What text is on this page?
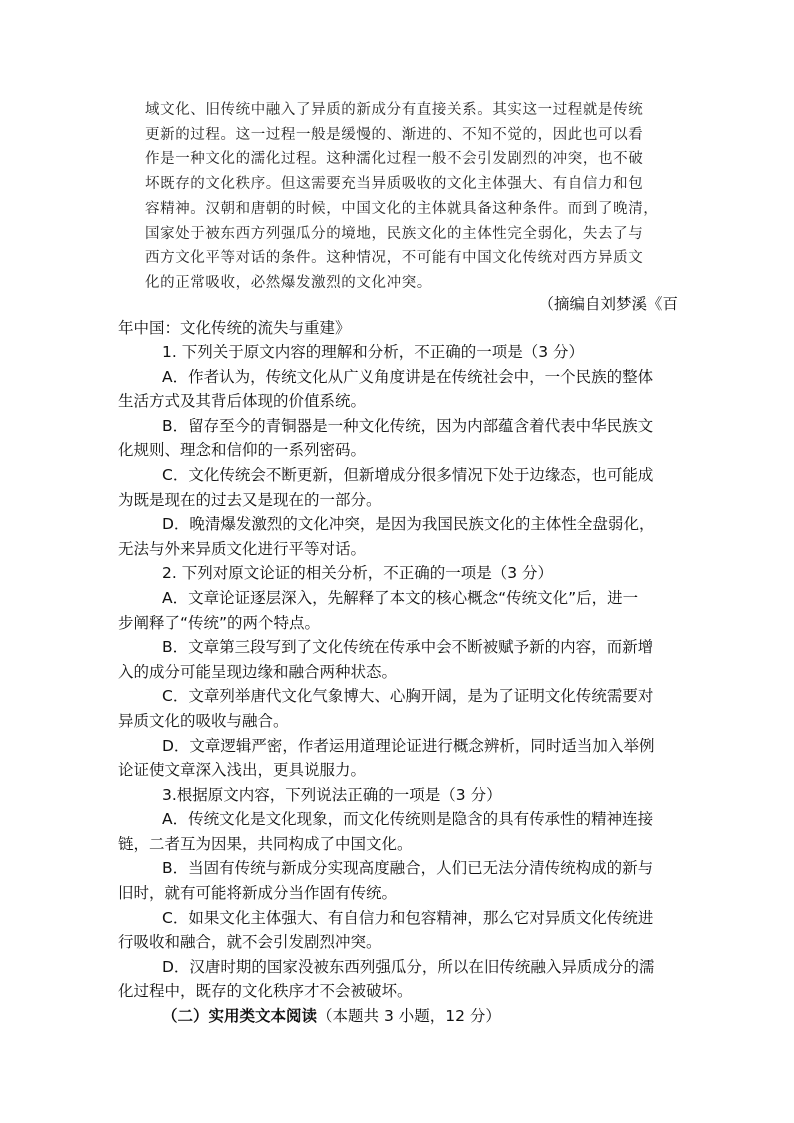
域文化、旧传统中融入了异质的新成分有直接关系。其实这一过程就是传统
更新的过程。这一过程一般是缓慢的、渐进的、不知不觉的，因此也可以看
作是一种文化的濡化过程。这种濡化过程一般不会引发剧烈的冲突，也不破
坏既存的文化秩序。但这需要充当异质吸收的文化主体强大、有自信力和包
容精神。汉朝和唐朝的时候，中国文化的主体就具备这种条件。而到了晚清，
国家处于被东西方列强瓜分的境地，民族文化的主体性完全弱化，失去了与
西方文化平等对话的条件。这种情况，不可能有中国文化传统对西方异质文
化的正常吸收，必然爆发激烈的文化冲突。
（摘编自刘梦溪《百
年中国：文化传统的流失与重建》
1. 下列关于原文内容的理解和分析，不正确的一项是（3 分）
A．作者认为，传统文化从广义角度讲是在传统社会中，一个民族的整体
生活方式及其背后体现的价值系统。
B．留存至今的青铜器是一种文化传统，因为内部蕴含着代表中华民族文
化规则、理念和信仰的一系列密码。
C．文化传统会不断更新，但新增成分很多情况下处于边缘态，也可能成
为既是现在的过去又是现在的一部分。
D．晚清爆发激烈的文化冲突，是因为我国民族文化的主体性全盘弱化，
无法与外来异质文化进行平等对话。
2. 下列对原文论证的相关分析，不正确的一项是（3 分）
A．文章论证逐层深入，先解释了本文的核心概念“传统文化”后，进一
步阐释了“传统”的两个特点。
B．文章第三段写到了文化传统在传承中会不断被赋予新的内容，而新增
入的成分可能呈现边缘和融合两种状态。
C．文章列举唐代文化气象博大、心胸开阔，是为了证明文化传统需要对
异质文化的吸收与融合。
D．文章逻辑严密，作者运用道理论证进行概念辨析，同时适当加入举例
论证使文章深入浅出，更具说服力。
3.根据原文内容，下列说法正确的一项是（3 分）
A．传统文化是文化现象，而文化传统则是隐含的具有传承性的精神连接
链，二者互为因果，共同构成了中国文化。
B．当固有传统与新成分实现高度融合，人们已无法分清传统构成的新与
旧时，就有可能将新成分当作固有传统。
C．如果文化主体强大、有自信力和包容精神，那么它对异质文化传统进
行吸收和融合，就不会引发剧烈冲突。
D．汉唐时期的国家没被东西列强瓜分，所以在旧传统融入异质成分的濡
化过程中，既存的文化秩序才不会被破坏。
（二）实用类文本阅读（本题共 3 小题，12 分）
